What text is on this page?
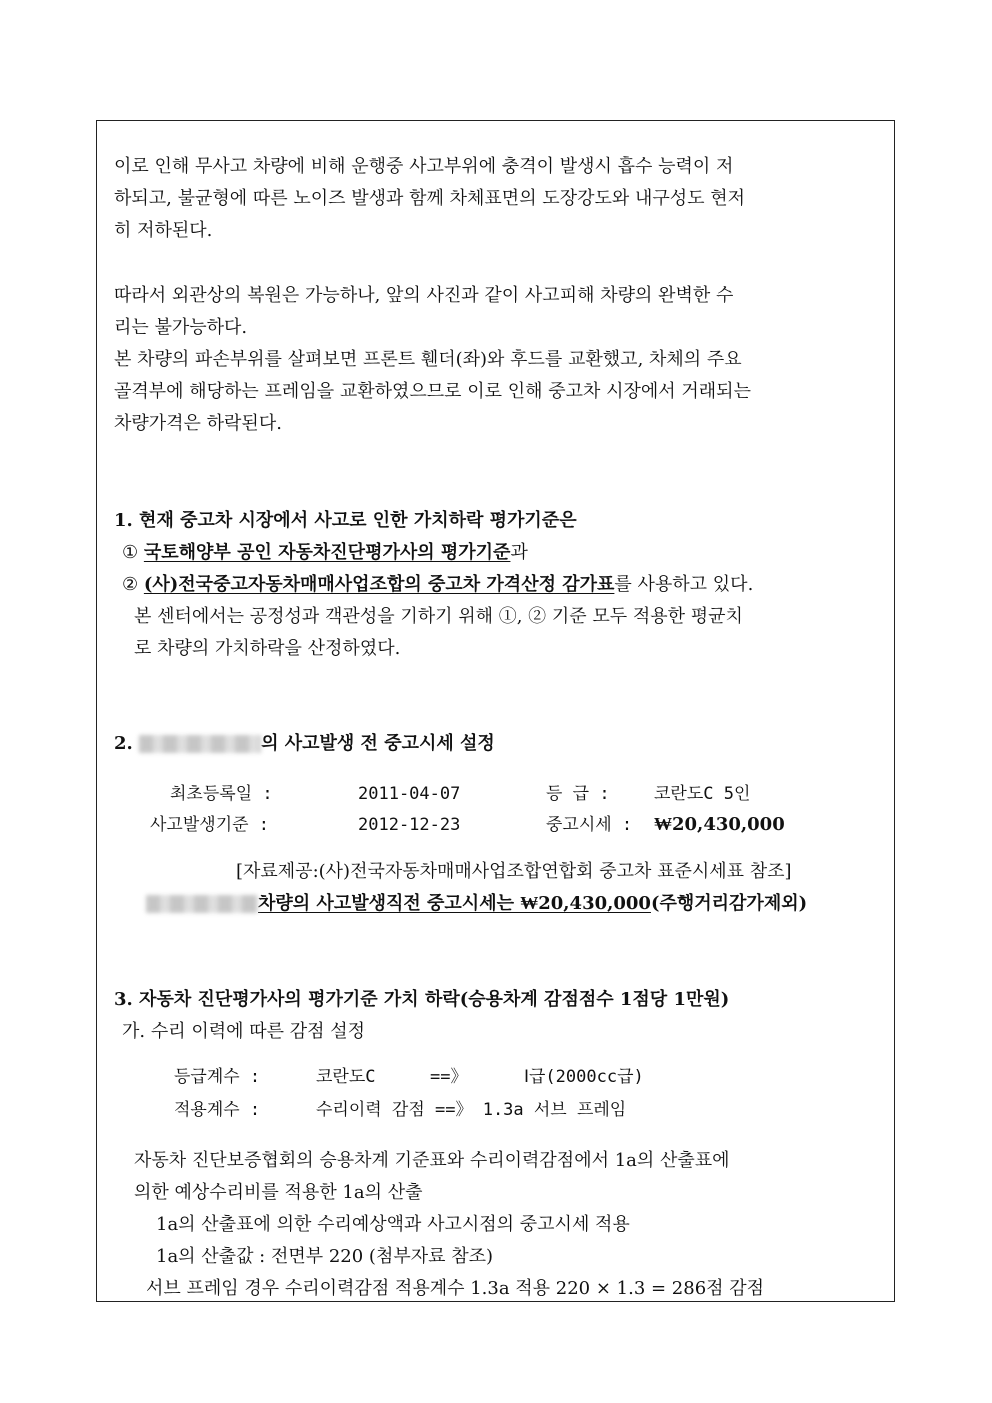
이로 인해 무사고 차량에 비해 운행중 사고부위에 충격이 발생시 흡수 능력이 저
하되고, 불균형에 따른 노이즈 발생과 함께 차체표면의 도장강도와 내구성도 현저
히 저하된다.
따라서 외관상의 복원은 가능하나, 앞의 사진과 같이 사고피해 차량의 완벽한 수
리는 불가능하다.
본 차량의 파손부위를 살펴보면 프론트 휀더(좌)와 후드를 교환했고, 차체의 주요
골격부에 해당하는 프레임을 교환하였으므로 이로 인해 중고차 시장에서 거래되는
차량가격은 하락된다.
1. 현재 중고차 시장에서 사고로 인한 가치하락 평가기준은
① 국토해양부 공인 자동차진단평가사의 평가기준과
② (사)전국중고자동차매매사업조합의 중고차 가격산정 감가표를 사용하고 있다.
본 센터에서는 공정성과 객관성을 기하기 위해 ①, ② 기준 모두 적용한 평균치
로 차량의 가치하락을 산정하였다.
2.	의 사고발생 전 중고시세 설정
최초등록일 :	2011-04-07	등 급 :	코란도C 5인
사고발생기준 :	2012-12-23	중고시세 : ₩20,430,000
[자료제공:(사)전국자동차매매사업조합연합회 중고차 표준시세표 참조]
차량의 사고발생직전 중고시세는 ₩20,430,000(주행거리감가제외)
3. 자동차 진단평가사의 평가기준 가치 하락(승용차계 감점점수 1점당 1만원)
가. 수리 이력에 따른 감점 설정
등급계수 :	코란도C	==》	Ⅰ급(2000cc급)
적용계수 :	수리이력 감점 ==》 1.3a 서브 프레임
자동차 진단보증협회의 승용차계 기준표와 수리이력감점에서 1a의 산출표에
의한 예상수리비를 적용한 1a의 산출
1a의 산출표에 의한 수리예상액과 사고시점의 중고시세 적용
1a의 산출값 : 전면부 220 (첨부자료 참조)
서브 프레임 경우 수리이력감점 적용계수 1.3a 적용 220 × 1.3 = 286점 감점
